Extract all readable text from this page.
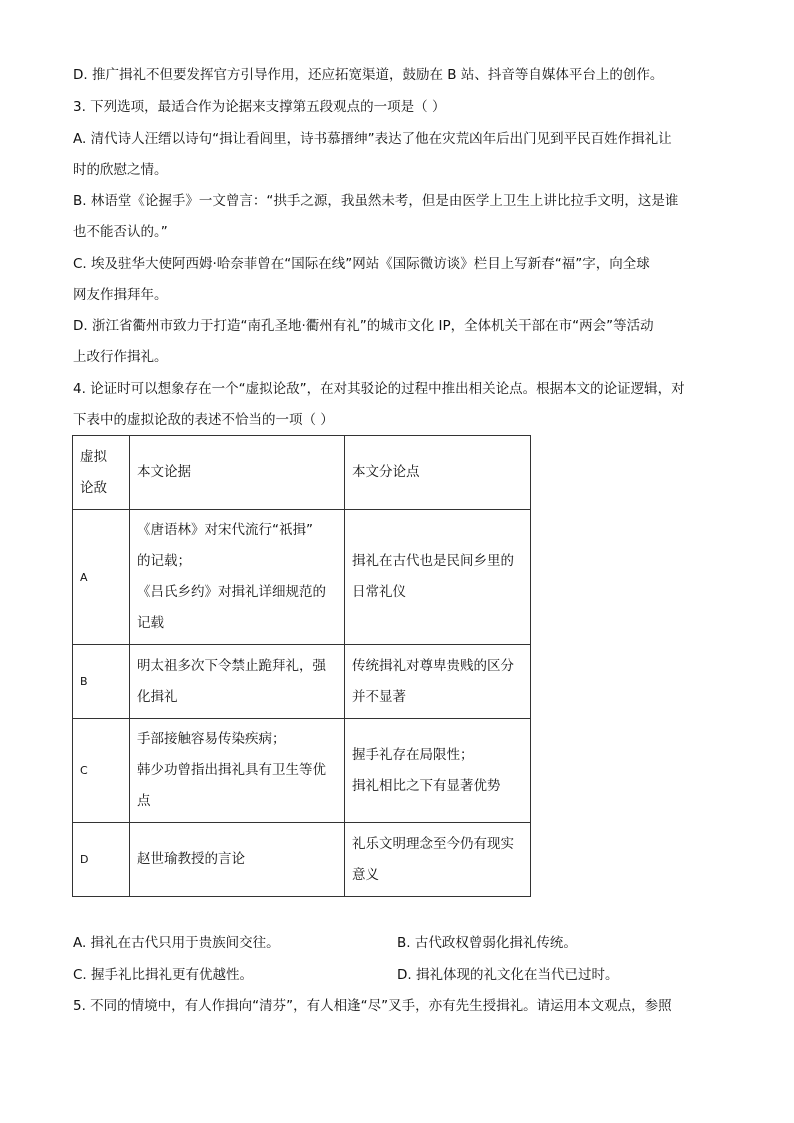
D. 推广揖礼不但要发挥官方引导作用，还应拓宽渠道，鼓励在 B 站、抖音等自媒体平台上的创作。
3. 下列选项，最适合作为论据来支撑第五段观点的一项是（ ）
A. 清代诗人汪缙以诗句“揖让看闾里，诗书慕搢绅”表达了他在灾荒凶年后出门见到平民百姓作揖礼让
时的欣慰之情。
B. 林语堂《论握手》一文曾言：“拱手之源，我虽然未考，但是由医学上卫生上讲比拉手文明，这是谁
也不能否认的。”
C. 埃及驻华大使阿西姆·哈奈菲曾在“国际在线”网站《国际微访谈》栏目上写新春“福”字，向全球
网友作揖拜年。
D. 浙江省衢州市致力于打造“南孔圣地·衢州有礼”的城市文化 IP，全体机关干部在市“两会”等活动
上改行作揖礼。
4. 论证时可以想象存在一个“虚拟论敌”，在对其驳论的过程中推出相关论点。根据本文的论证逻辑，对
下表中的虚拟论敌的表述不恰当的一项（ ）
虚拟
论敌	本文论据	本文分论点
A	《唐语林》对宋代流行“祇揖”
的记载；
《吕氏乡约》对揖礼详细规范的
记载	揖礼在古代也是民间乡里的
日常礼仪
B	明太祖多次下令禁止跪拜礼，强
化揖礼	传统揖礼对尊卑贵贱的区分
并不显著
C	手部接触容易传染疾病；
韩少功曾指出揖礼具有卫生等优
点	握手礼存在局限性；
揖礼相比之下有显著优势
D	赵世瑜教授的言论	礼乐文明理念至今仍有现实
意义
A. 揖礼在古代只用于贵族间交往。	B. 古代政权曾弱化揖礼传统。
C. 握手礼比揖礼更有优越性。	D. 揖礼体现的礼文化在当代已过时。
5. 不同的情境中，有人作揖向“清芬”，有人相逢“尽”叉手，亦有先生授揖礼。请运用本文观点，参照
